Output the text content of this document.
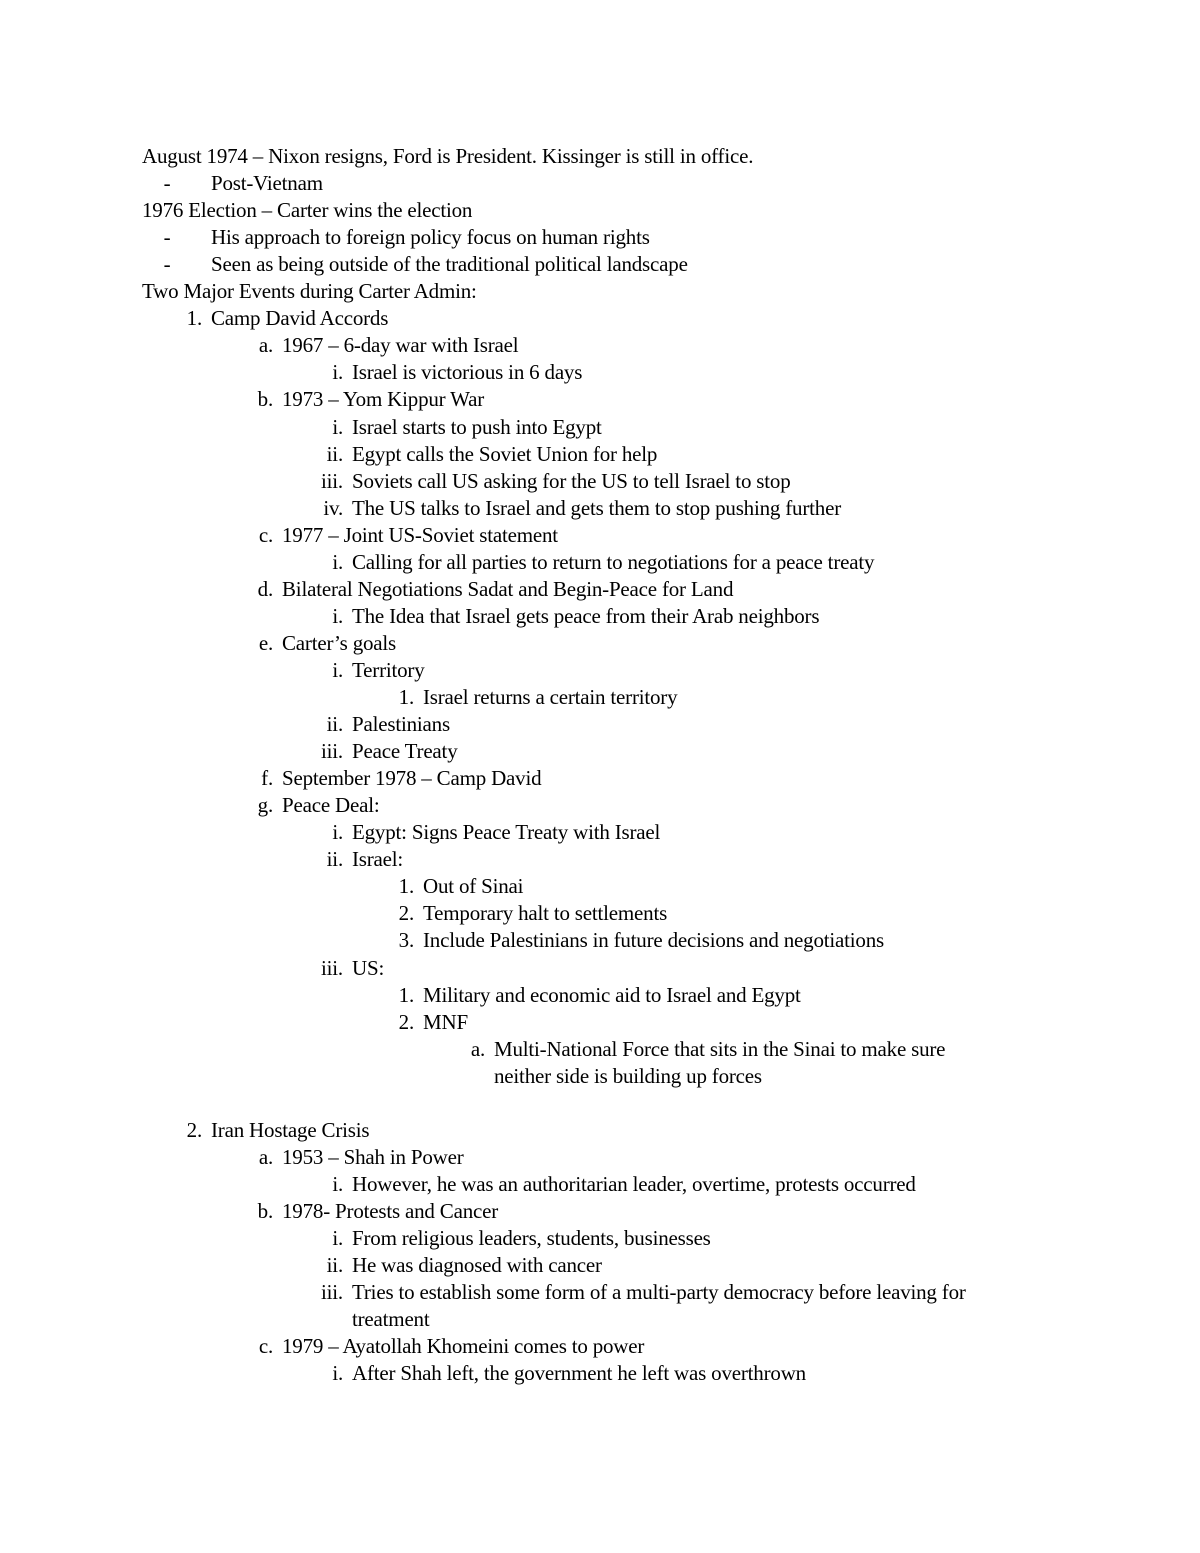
August 1974 – Nixon resigns, Ford is President. Kissinger is still in office.
-	Post-Vietnam
1976 Election – Carter wins the election
-	His approach to foreign policy focus on human rights
-	Seen as being outside of the traditional political landscape
Two Major Events during Carter Admin:
1. Camp David Accords
a. 1967 – 6-day war with Israel
i. Israel is victorious in 6 days
b. 1973 – Yom Kippur War
i. Israel starts to push into Egypt
ii. Egypt calls the Soviet Union for help
iii. Soviets call US asking for the US to tell Israel to stop
iv. The US talks to Israel and gets them to stop pushing further
c. 1977 – Joint US-Soviet statement
i. Calling for all parties to return to negotiations for a peace treaty
d. Bilateral Negotiations Sadat and Begin-Peace for Land
i. The Idea that Israel gets peace from their Arab neighbors
e. Carter’s goals
i. Territory
1. Israel returns a certain territory
ii. Palestinians
iii. Peace Treaty
f. September 1978 – Camp David
g. Peace Deal:
i. Egypt: Signs Peace Treaty with Israel
ii. Israel:
1. Out of Sinai
2. Temporary halt to settlements
3. Include Palestinians in future decisions and negotiations
iii. US:
1. Military and economic aid to Israel and Egypt
2. MNF
a. Multi-National Force that sits in the Sinai to make sure
neither side is building up forces
2. Iran Hostage Crisis
a. 1953 – Shah in Power
i. However, he was an authoritarian leader, overtime, protests occurred
b. 1978- Protests and Cancer
i. From religious leaders, students, businesses
ii. He was diagnosed with cancer
iii. Tries to establish some form of a multi-party democracy before leaving for
treatment
c. 1979 – Ayatollah Khomeini comes to power
i. After Shah left, the government he left was overthrown
